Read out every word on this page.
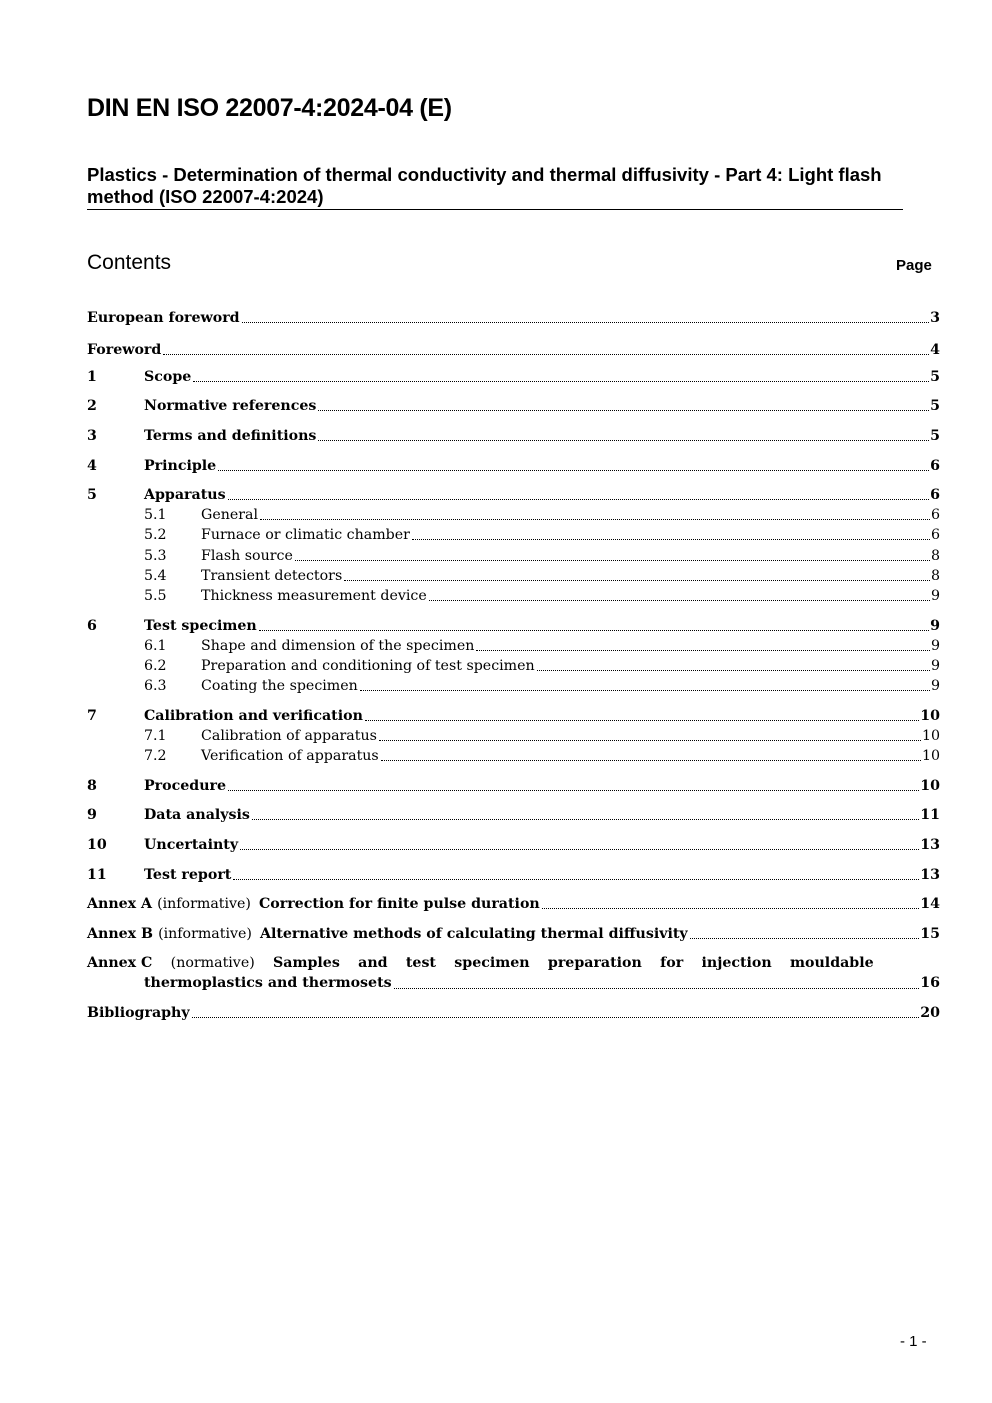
DIN EN ISO 22007-4:2024-04 (E)
Plastics - Determination of thermal conductivity and thermal diffusivity - Part 4: Light flash method (ISO 22007-4:2024)
Contents	Page
European foreword	3
Foreword	4
1	Scope	5
2	Normative references	5
3	Terms and definitions	5
4	Principle	6
5	Apparatus	6
5.1	General	6
5.2	Furnace or climatic chamber	6
5.3	Flash source	8
5.4	Transient detectors	8
5.5	Thickness measurement device	9
6	Test specimen	9
6.1	Shape and dimension of the specimen	9
6.2	Preparation and conditioning of test specimen	9
6.3	Coating the specimen	9
7	Calibration and verification	10
7.1	Calibration of apparatus	10
7.2	Verification of apparatus	10
8	Procedure	10
9	Data analysis	11
10	Uncertainty	13
11	Test report	13
Annex A (informative) Correction for finite pulse duration	14
Annex B (informative) Alternative methods of calculating thermal diffusivity	15
Annex C (normative) Samples and test specimen preparation for injection mouldable
thermoplastics and thermosets	16
Bibliography	20
- 1 -
